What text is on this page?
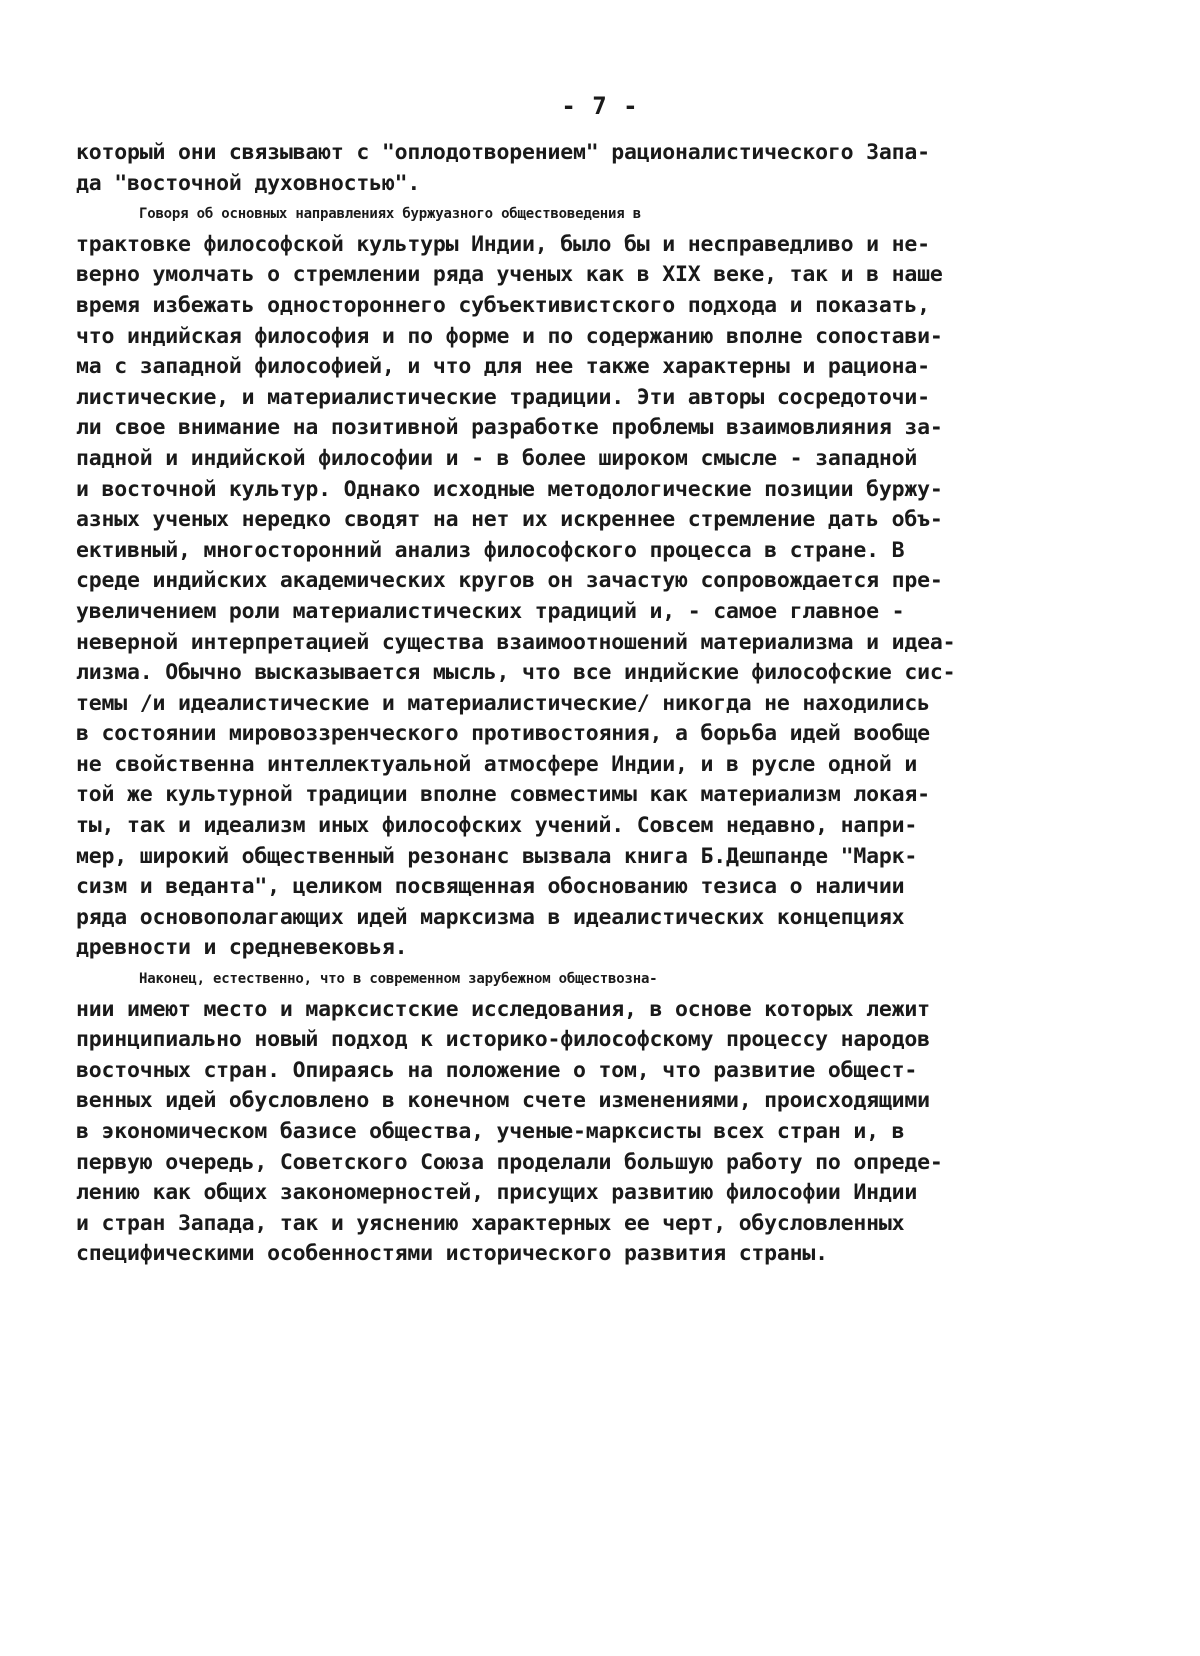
- 7 -
который они связывают с "оплодотворением" рационалистического Запа-
да "восточной духовностью".
Говоря об основных направлениях буржуазного обществоведения в
трактовке философской культуры Индии, было бы и несправедливо и не-
верно умолчать о стремлении ряда ученых как в XIX веке, так и в наше
время избежать одностороннего субъективистского подхода и показать,
что индийская философия и по форме и по содержанию вполне сопостави-
ма с западной философией, и что для нее также характерны и рациона-
листические, и материалистические традиции. Эти авторы сосредоточи-
ли свое внимание на позитивной разработке проблемы взаимовлияния за-
падной и индийской философии и - в более широком смысле - западной
и восточной культур. Однако исходные методологические позиции буржу-
азных ученых нередко сводят на нет их искреннее стремление дать объ-
ективный, многосторонний анализ философского процесса в стране. В
среде индийских академических кругов он зачастую сопровождается пре-
увеличением роли материалистических традиций и, - самое главное -
неверной интерпретацией существа взаимоотношений материализма и идеа-
лизма. Обычно высказывается мысль, что все индийские философские сис-
темы /и идеалистические и материалистические/ никогда не находились
в состоянии мировоззренческого противостояния, а борьба идей вообще
не свойственна интеллектуальной атмосфере Индии, и в русле одной и
той же культурной традиции вполне совместимы как материализм локая-
ты, так и идеализм иных философских учений. Совсем недавно, напри-
мер, широкий общественный резонанс вызвала книга Б.Дешпанде "Марк-
сизм и веданта", целиком посвященная обоснованию тезиса о наличии
ряда основополагающих идей марксизма в идеалистических концепциях
древности и средневековья.
Наконец, естественно, что в современном зарубежном обществозна-
нии имеют место и марксистские исследования, в основе которых лежит
принципиально новый подход к историко-философскому процессу народов
восточных стран. Опираясь на положение о том, что развитие общест-
венных идей обусловлено в конечном счете изменениями, происходящими
в экономическом базисе общества, ученые-марксисты всех стран и, в
первую очередь, Советского Союза проделали большую работу по опреде-
лению как общих закономерностей, присущих развитию философии Индии
и стран Запада, так и уяснению характерных ее черт, обусловленных
специфическими особенностями исторического развития страны.
